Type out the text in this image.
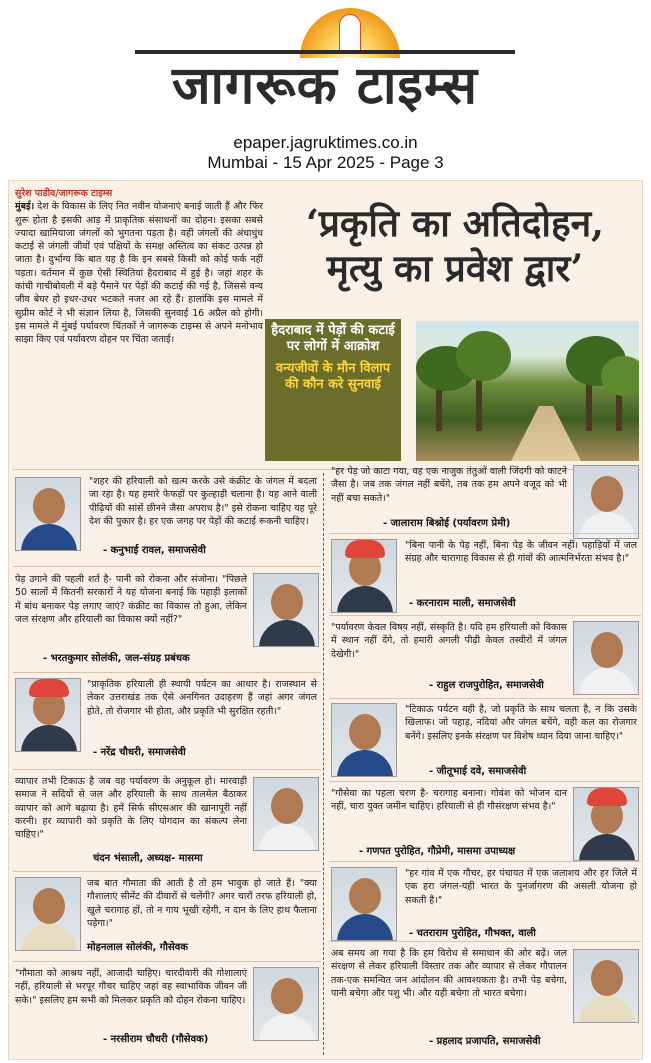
जागरूक टाइम्स
epaper.jagruktimes.co.in
Mumbai - 15 Apr 2025 - Page 3
सुरेश पाडीव/जागरूक टाइम्स
मुंबई। देश के विकास के लिए नित नवीन योजनाएं बनाई जाती हैं और फिर शुरू होता है इसकी आड़ में प्राकृतिक संसाधनों का दोहन। इसका सबसे ज्यादा खामियाजा जंगलों को भुगतना पड़ता है। वहीं जंगलों की अंधाधुंध कटाई से जंगली जीवों एवं पक्षियों के समक्ष अस्तित्व का संकट उत्पन्न हो जाता है। दुर्भाग्य कि बात यह है कि इन सबसे किसी को कोई फर्क नहीं पड़ता। वर्तमान में कुछ ऐसी स्थितियां हैदराबाद में हुई है। जहां शहर के कांची गाचीबोवली में बड़े पैमाने पर पेड़ों की कटाई की गई है, जिससे वन्य जीव बेघर हो इधर-उधर भटकते नजर आ रहे हैं। हालांकि इस मामले में सुप्रीम कोर्ट ने भी संज्ञान लिया है, जिसकी सुनवाई 16 अप्रैल को होगी। इस मामले में मुंबई पर्यावरण चिंतकों ने जागरूक टाइम्स से अपने मनोभाव साझा किए एवं पर्यावरण दोहन पर चिंता जताई।
‘प्रकृति का अतिदोहन, मृत्यु का प्रवेश द्वार’
हैदराबाद में पेड़ों की कटाई पर लोगों में आक्रोश
वन्यजीवों के मौन विलाप की कौन करे सुनवाई
"शहर की हरियाली को खत्म करके उसे कंक्रीट के जंगल में बदला जा रहा है। यह हमारे फेफड़ों पर कुल्हाड़ी चलाना है। यह आने वाली पीढ़ियों की सांसें छीनने जैसा अपराध है।" इसे रोकना चाहिए यह पूरे देश की पुकार है। हर एक जगह पर पेड़ों की कटाई रूकनी चाहिए।
- कनुभाई रावल, समाजसेवी
पेड़ उगाने की पहली शर्त है- पानी को रोकना और संजोना। "पिछले 50 सालों में कितनी सरकारों ने यह योजना बनाई कि पहाड़ी इलाकों में बांध बनाकर पेड़ लगाए जाएं? कंक्रीट का विकास तो हुआ, लेकिन जल संरक्षण और हरियाली का विकास क्यों नहीं?"
- भरतकुमार सोलंकी, जल-संग्रह प्रबंधक
"प्राकृतिक हरियाली ही स्थायी पर्यटन का आधार है। राजस्थान से लेकर उत्तराखंड तक ऐसे अनगिनत उदाहरण हैं जहां अगर जंगल होते, तो रोजगार भी होता, और प्रकृति भी सुरक्षित रहती।"
- नरेंद्र चौधरी, समाजसेवी
व्यापार तभी टिकाऊ है जब वह पर्यावरण के अनुकूल हो। मारवाड़ी समाज ने सदियों से जल और हरियाली के साथ तालमेल बैठाकर व्यापार को आगे बढ़ाया है। हमें सिर्फ सीएसआर की खानापूरी नहीं करनी। हर व्यापारी को प्रकृति के लिए योगदान का संकल्प लेना चाहिए।"
चंदन भंसाली, अध्यक्ष- मासमा
जब बात गौमाता की आती है तो हम भावुक हो जाते हैं। "क्या गौशालाएं सीमेंट की दीवारों से चलेंगी? अगर चारों तरफ हरियाली हो, खुले चरागाह हों, तो न गाय भूखी रहेगी, न दान के लिए हाथ फैलाना पड़ेगा।"
मोहनलाल सोलंकी, गौसेवक
"गौमाता को आश्रय नहीं, आजादी चाहिए। चारदीवारी की गोशालाएं नहीं, हरियाली से भरपूर गौचर चाहिए जहां वह स्वाभाविक जीवन जी सके।" इसलिए हम सभी को मिलकर प्रकृति को दोहन रोकना चाहिए।
- नरसीराम चौधरी (गौसेवक)
"हर पेड़ जो काटा गया, वह एक नाजुक तंतुओं वाली जिंदगी को काटने जैसा है। जब तक जंगल नहीं बचेंगे, तब तक हम अपने वजूद को भी नहीं बचा सकते।"
- जालाराम बिश्नोई (पर्यावरण प्रेमी)
"बिना पानी के पेड़ नहीं, बिना पेड़ के जीवन नहीं। पहाड़ियों में जल संग्रह और चारागाह विकास से ही गांवों की आत्मनिर्भरता संभव है।"
- करनाराम माली, समाजसेवी
"पर्यावरण केवल विषय नहीं, संस्कृति है। यदि हम हरियाली को विकास में स्थान नहीं देंगे, तो हमारी अगली पीढ़ी केवल तस्वीरों में जंगल देखेगी।"
- राहुल राजपुरोहित, समाजसेवी
"टिकाऊ पर्यटन वही है, जो प्रकृति के साथ चलता है, न कि उसके खिलाफ। जो पहाड़, नदियां और जंगल बचेंगे, वही कल का रोजगार बनेंगे। इसलिए इनके संरक्षण पर विशेष ध्यान दिया जाना चाहिए।"
- जीतूभाई दवे, समाजसेवी
"गौसेवा का पहला चरण है- चरागाह बनाना। गोवंश को भोजन दान नहीं, चारा युक्त जमीन चाहिए। हरियाली से ही गौसंरक्षण संभव है।"
- गणपत पुरोहित, गौप्रेमी, मासमा उपाध्यक्ष
"हर गांव में एक गौचर, हर पंचायत में एक जलाशय और हर जिले में एक हरा जंगल-यही भारत के पुनर्जागरण की असली योजना हो सकती है।"
- चतराराम पुरोहित, गौभक्त, वाली
अब समय आ गया है कि हम विरोध से समाधान की ओर बढ़ें। जल संरक्षण से लेकर हरियाली विस्तार तक और व्यापार से लेकर गौपालन तक-एक समन्वित जन आंदोलन की आवश्यकता है। तभी पेड़ बचेगा, पानी बचेगा और पशु भी। और यही बचेगा तो भारत बचेगा।
- प्रहलाद प्रजापति, समाजसेवी
